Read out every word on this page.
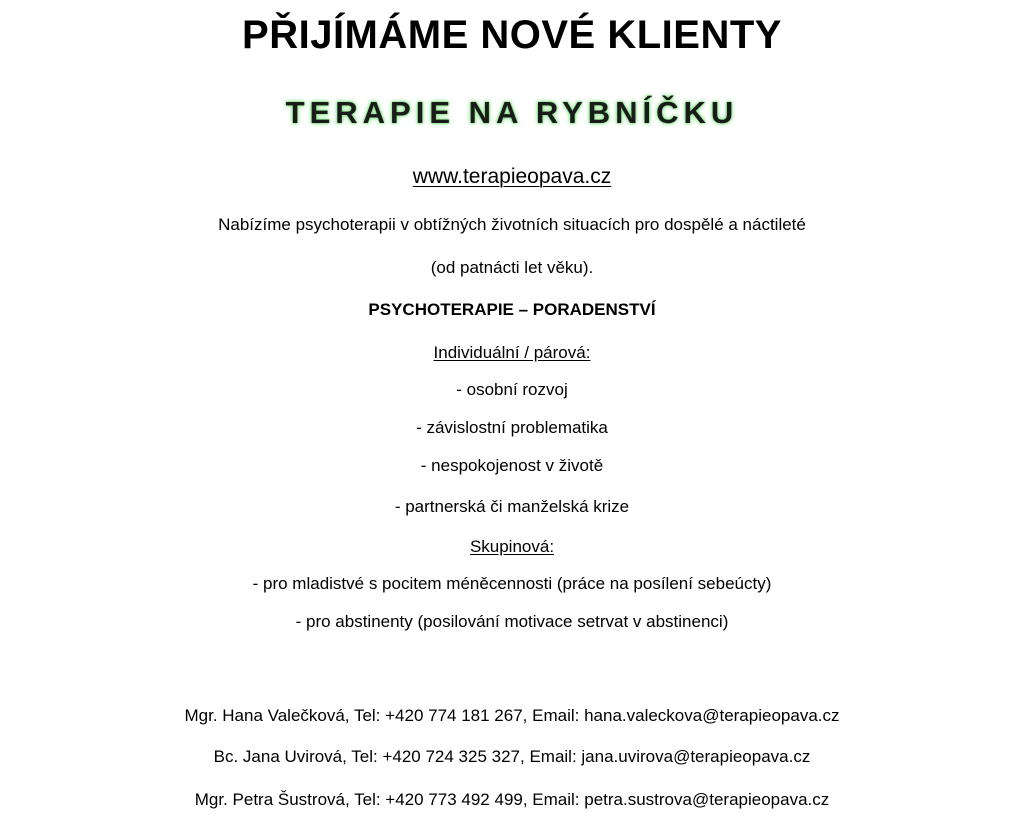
PŘIJÍMÁME NOVÉ KLIENTY
TERAPIE NA RYBNÍČKU
www.terapieopava.cz
Nabízíme psychoterapii v obtížných životních situacích pro dospělé a náctileté
(od patnácti let věku).
PSYCHOTERAPIE – PORADENSTVÍ
Individuální / párová:
- osobní rozvoj
- závislostní problematika
- nespokojenost v životě
- partnerská či manželská krize
Skupinová:
- pro mladistvé s pocitem méněcennosti (práce na posílení sebeúcty)
- pro abstinenty (posilování motivace setrvat v abstinenci)
Mgr. Hana Valečková, Tel: +420 774 181 267, Email: hana.valeckova@terapieopava.cz
Bc. Jana Uvirová, Tel: +420 724 325 327, Email: jana.uvirova@terapieopava.cz
Mgr. Petra Šustrová, Tel: +420 773 492 499, Email: petra.sustrova@terapieopava.cz
